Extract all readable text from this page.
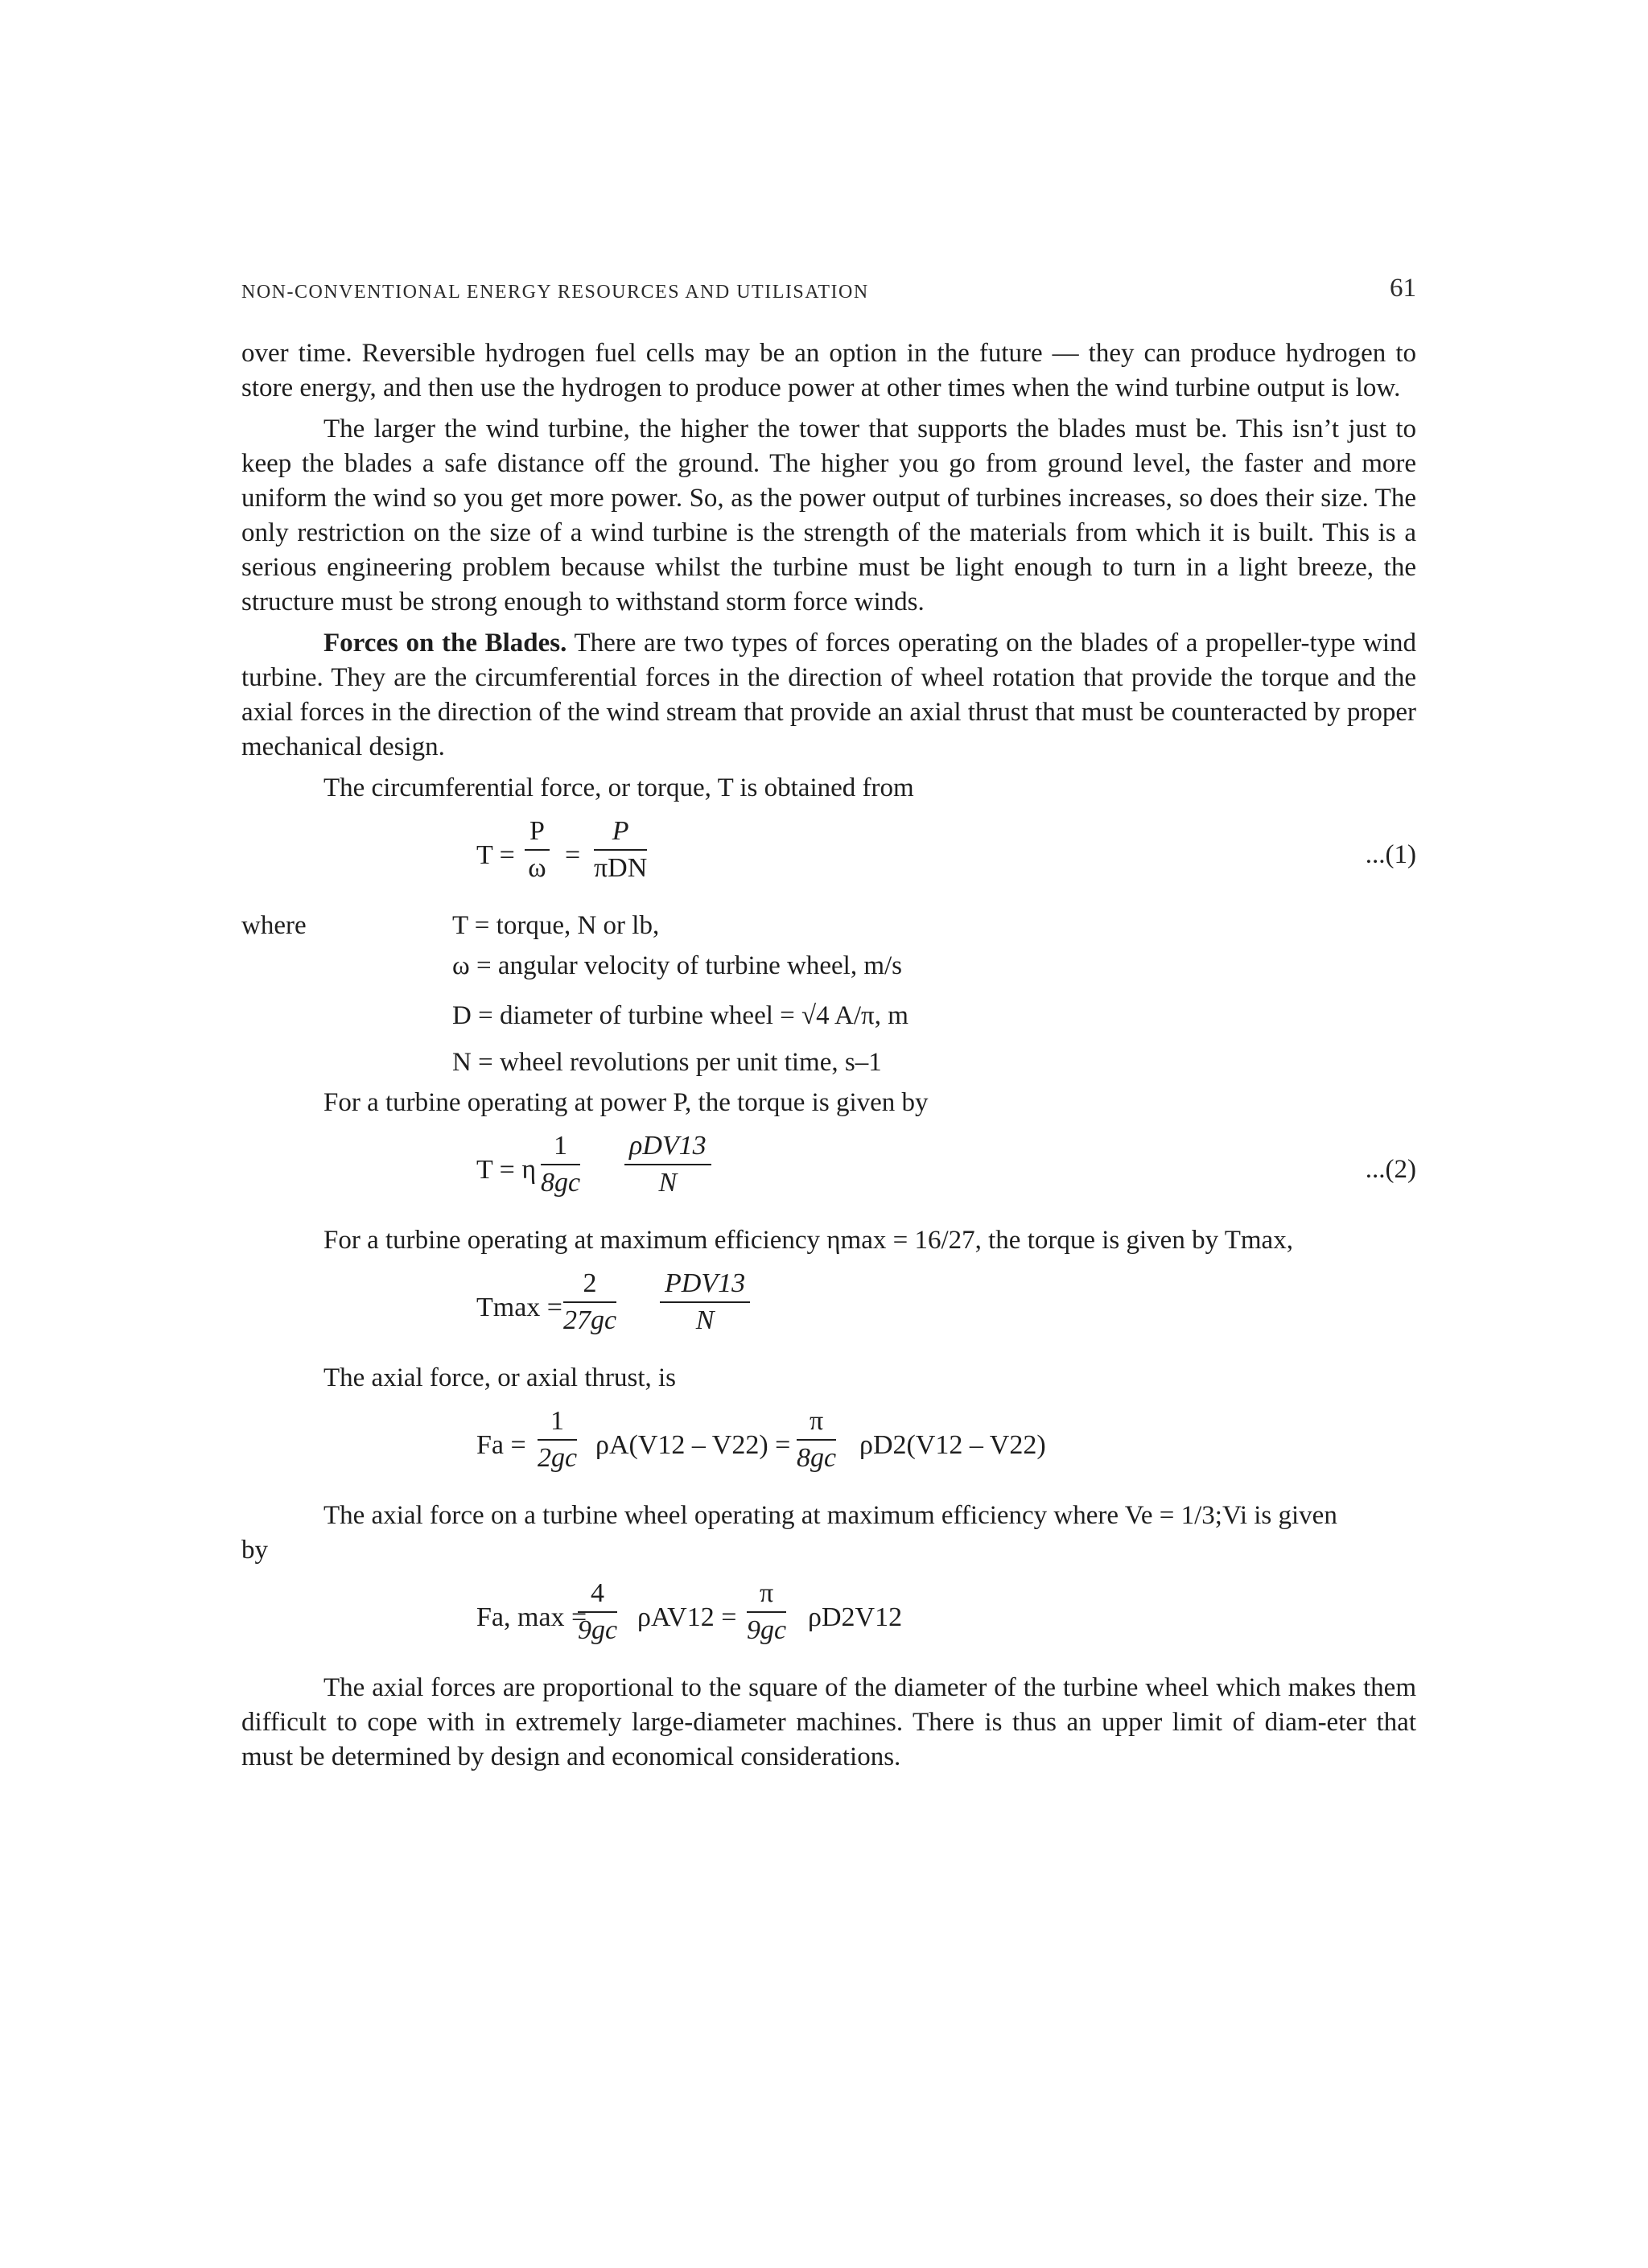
NON-CONVENTIONAL ENERGY RESOURCES AND UTILISATION	61

over time. Reversible hydrogen fuel cells may be an option in the future — they can produce hydrogen to store energy, and then use the hydrogen to produce power at other times when the wind turbine output is low.

The larger the wind turbine, the higher the tower that supports the blades must be. This isn’t just to keep the blades a safe distance off the ground. The higher you go from ground level, the faster and more uniform the wind so you get more power. So, as the power output of turbines increases, so does their size. The only restriction on the size of a wind turbine is the strength of the materials from which it is built. This is a serious engineering problem because whilst the turbine must be light enough to turn in a light breeze, the structure must be strong enough to withstand storm force winds.

Forces on the Blades. There are two types of forces operating on the blades of a propeller-type wind turbine. They are the circumferential forces in the direction of wheel rotation that provide the torque and the axial forces in the direction of the wind stream that provide an axial thrust that must be counteracted by proper mechanical design.

The circumferential force, or torque, T is obtained from

$T = \frac{P}{\omega}$ =
P
πDN	...(1)
where	T = torque, N or lb,
ω = angular velocity of turbine wheel, m/s
D = diameter of turbine wheel = √4 A/π, m
N = wheel revolutions per unit time, s–1

For a turbine operating at power P, the torque is given by

T = η $\frac{1}{8gc} \rho DV13$
N	...(2)

For a turbine operating at maximum efficiency ηmax = 16/27, the torque is given by Tmax,

$Tmax = \frac{2}{27gc} PDV13$
N

The axial force, or axial thrust, is

$Fa = \frac{1}{2gc} \rho A(V12 - V22) = \frac{\pi}{8gc} \rho D2(V12 - V22)$

The axial force on a turbine wheel operating at maximum efficiency where Ve = 1/3;Vi is given

by

Fa, max =
$\frac{4}{9gc} \rho AV12 = \frac{\pi}{9gc} \rho D2V12$

The axial forces are proportional to the square of the diameter of the turbine wheel which makes them difficult to cope with in extremely large-diameter machines. There is thus an upper limit of diam-eter that must be determined by design and economical considerations.
